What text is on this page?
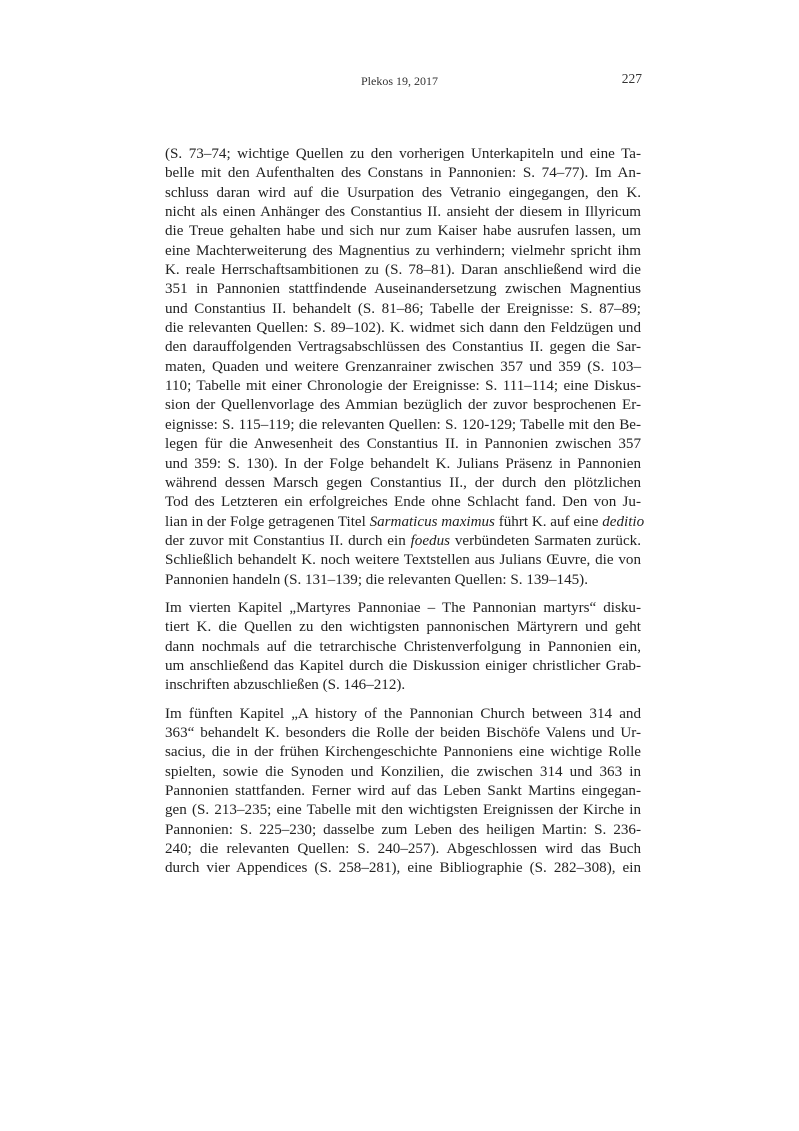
Plekos 19, 2017	227

(S. 73–74; wichtige Quellen zu den vorherigen Unterkapiteln und eine Ta-
belle mit den Aufenthalten des Constans in Pannonien: S. 74–77). Im An-
schluss daran wird auf die Usurpation des Vetranio eingegangen, den K.
nicht als einen Anhänger des Constantius II. ansieht der diesem in Illyricum
die Treue gehalten habe und sich nur zum Kaiser habe ausrufen lassen, um
eine Machterweiterung des Magnentius zu verhindern; vielmehr spricht ihm
K. reale Herrschaftsambitionen zu (S. 78–81). Daran anschließend wird die
351 in Pannonien stattfindende Auseinandersetzung zwischen Magnentius
und Constantius II. behandelt (S. 81–86; Tabelle der Ereignisse: S. 87–89;
die relevanten Quellen: S. 89–102). K. widmet sich dann den Feldzügen und
den darauffolgenden Vertragsabschlüssen des Constantius II. gegen die Sar-
maten, Quaden und weitere Grenzanrainer zwischen 357 und 359 (S. 103–
110; Tabelle mit einer Chronologie der Ereignisse: S. 111–114; eine Diskus-
sion der Quellenvorlage des Ammian bezüglich der zuvor besprochenen Er-
eignisse: S. 115–119; die relevanten Quellen: S. 120-129; Tabelle mit den Be-
legen für die Anwesenheit des Constantius II. in Pannonien zwischen 357
und 359: S. 130). In der Folge behandelt K. Julians Präsenz in Pannonien
während dessen Marsch gegen Constantius II., der durch den plötzlichen
Tod des Letzteren ein erfolgreiches Ende ohne Schlacht fand. Den von Ju-
lian in der Folge getragenen Titel Sarmaticus maximus führt K. auf eine deditio
der zuvor mit Constantius II. durch ein foedus verbündeten Sarmaten zurück.
Schließlich behandelt K. noch weitere Textstellen aus Julians Œuvre, die von
Pannonien handeln (S. 131–139; die relevanten Quellen: S. 139–145).

Im vierten Kapitel „Martyres Pannoniae – The Pannonian martyrs“ disku-
tiert K. die Quellen zu den wichtigsten pannonischen Märtyrern und geht
dann nochmals auf die tetrarchische Christenverfolgung in Pannonien ein,
um anschließend das Kapitel durch die Diskussion einiger christlicher Grab-
inschriften abzuschließen (S. 146–212).

Im fünften Kapitel „A history of the Pannonian Church between 314 and
363“ behandelt K. besonders die Rolle der beiden Bischöfe Valens und Ur-
sacius, die in der frühen Kirchengeschichte Pannoniens eine wichtige Rolle
spielten, sowie die Synoden und Konzilien, die zwischen 314 und 363 in
Pannonien stattfanden. Ferner wird auf das Leben Sankt Martins eingegan-
gen (S. 213–235; eine Tabelle mit den wichtigsten Ereignissen der Kirche in
Pannonien: S. 225–230; dasselbe zum Leben des heiligen Martin: S. 236-
240; die relevanten Quellen: S. 240–257). Abgeschlossen wird das Buch
durch vier Appendices (S. 258–281), eine Bibliographie (S. 282–308), ein
